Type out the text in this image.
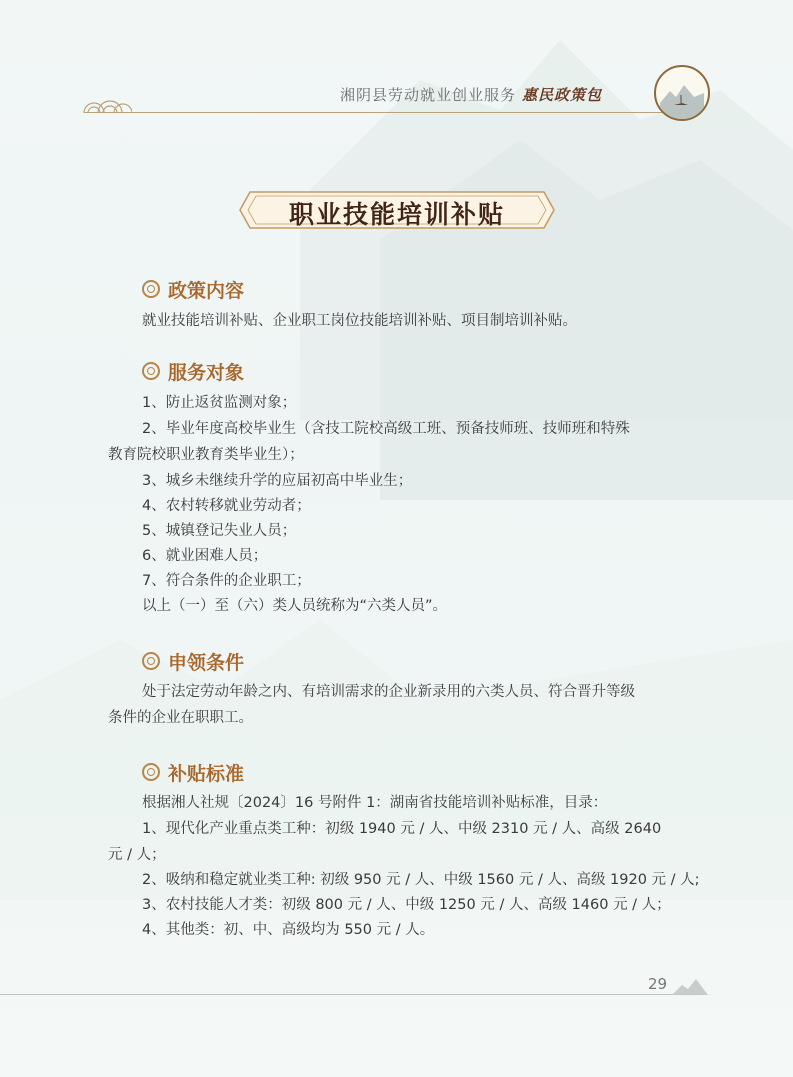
湘阴县劳动就业创业服务 惠民政策包
职业技能培训补贴
政策内容
就业技能培训补贴、企业职工岗位技能培训补贴、项目制培训补贴。
服务对象
1、防止返贫监测对象；
2、毕业年度高校毕业生（含技工院校高级工班、预备技师班、技师班和特殊
教育院校职业教育类毕业生）；
3、城乡未继续升学的应届初高中毕业生；
4、农村转移就业劳动者；
5、城镇登记失业人员；
6、就业困难人员；
7、符合条件的企业职工；
以上（一）至（六）类人员统称为“六类人员”。
申领条件
处于法定劳动年龄之内、有培训需求的企业新录用的六类人员、符合晋升等级
条件的企业在职职工。
补贴标准
根据湘人社规〔2024〕16 号附件 1：湖南省技能培训补贴标准，目录：
1、现代化产业重点类工种：初级 1940 元 / 人、中级 2310 元 / 人、高级 2640
元 / 人；
2、吸纳和稳定就业类工种: 初级 950 元 / 人、中级 1560 元 / 人、高级 1920 元 / 人;
3、农村技能人才类：初级 800 元 / 人、中级 1250 元 / 人、高级 1460 元 / 人；
4、其他类：初、中、高级均为 550 元 / 人。
29
